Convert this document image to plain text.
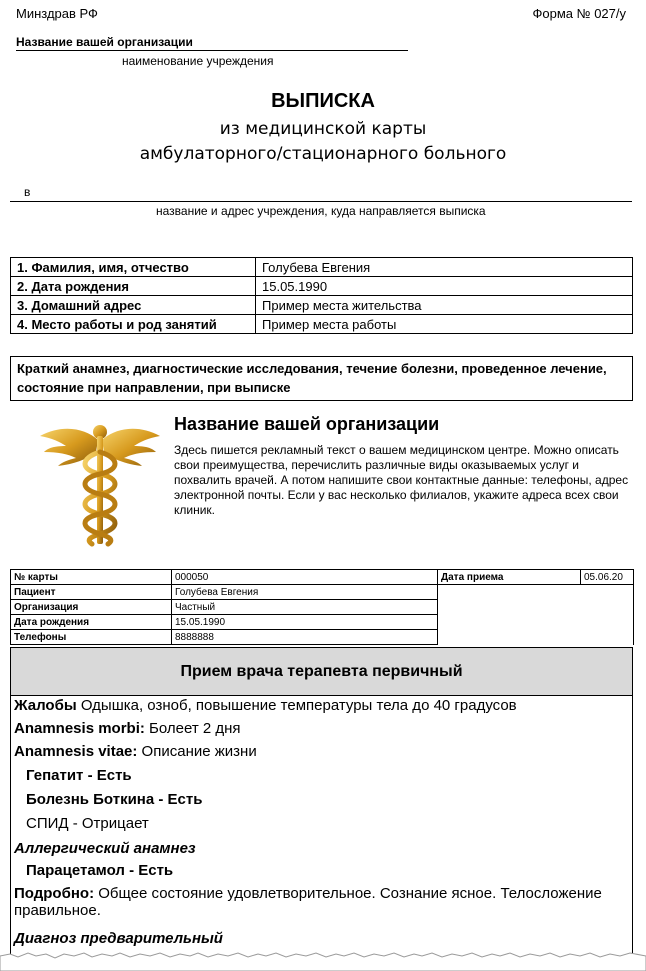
Минздрав РФ	Форма № 027/у
Название вашей организации
наименование учреждения
ВЫПИСКА
из медицинской карты
амбулаторного/стационарного больного
в
название и адрес учреждения, куда направляется выписка
1. Фамилия, имя, отчество	Голубева Евгения
2. Дата рождения	15.05.1990
3. Домашний адрес	Пример места жительства
4. Место работы и род занятий	Пример места работы
Краткий анамнез, диагностические исследования, течение болезни, проведенное лечение, состояние при направлении, при выписке
Название вашей организации
Здесь пишется рекламный текст о вашем медицинском центре. Можно описать свои преимущества, перечислить различные виды оказываемых услуг и похвалить врачей. А потом напишите свои контактные данные: телефоны, адрес электронной почты. Если у вас несколько филиалов, укажите адреса всех свои клиник.
№ карты	000050	Дата приема	05.06.20
Пациент	Голубева Евгения		
Организация	Частный		
Дата рождения	15.05.1990		
Телефоны	8888888		
Прием врача терапевта первичный
Жалобы Одышка, озноб, повышение температуры тела до 40 градусов
Anamnesis morbi: Болеет 2 дня
Anamnesis vitae: Описание жизни
Гепатит - Есть
Болезнь Боткина - Есть
СПИД - Отрицает
Аллергический анамнез
Парацетамол - Есть
Подробно: Общее состояние удовлетворительное. Сознание ясное. Телосложение правильное.
Диагноз предварительный
